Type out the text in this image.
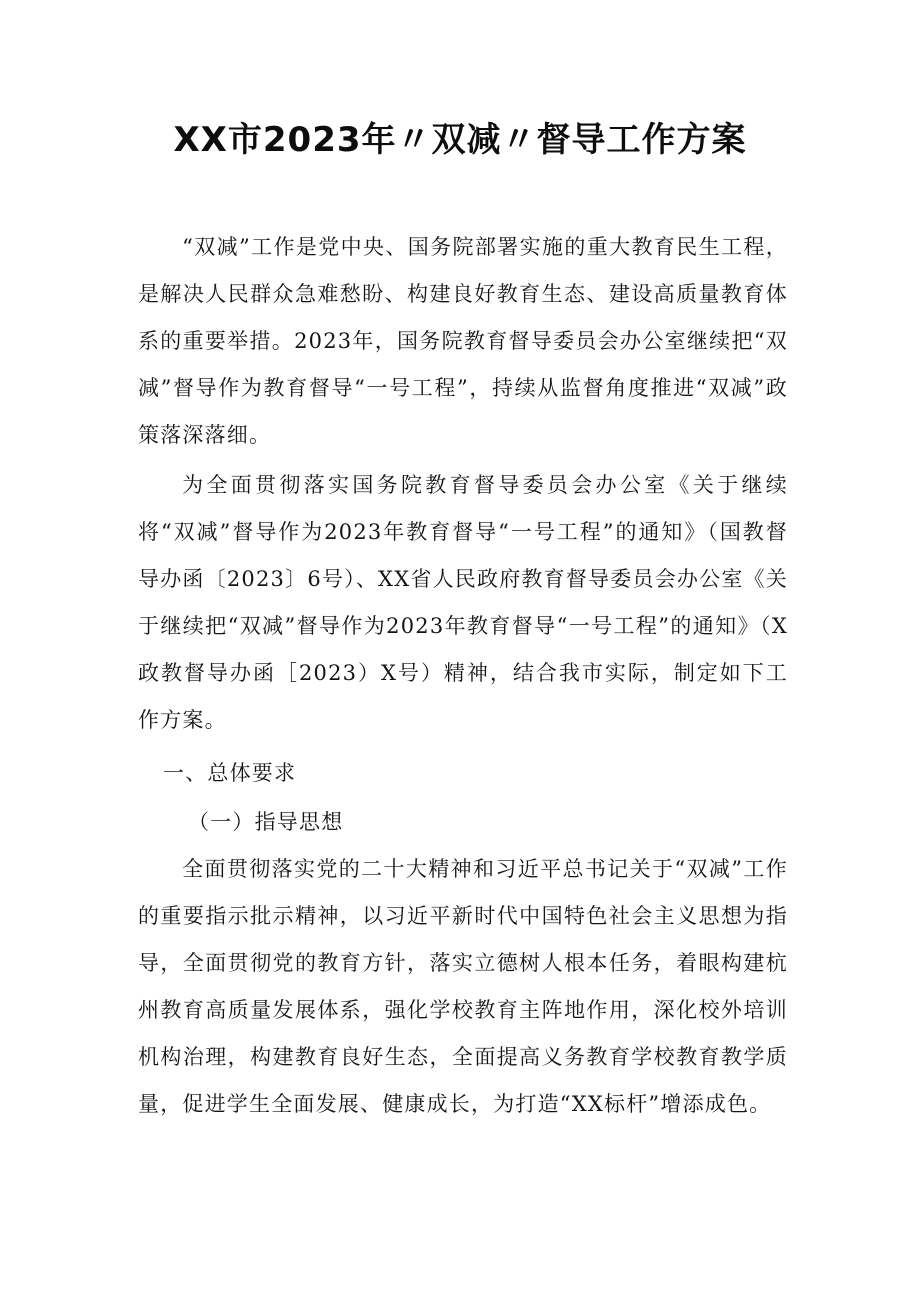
XX市2023年〃双减〃督导工作方案

“双减”工作是党中央、国务院部署实施的重大教育民生工程，是解决人民群众急难愁盼、构建良好教育生态、建设高质量教育体系的重要举措。2023年，国务院教育督导委员会办公室继续把“双减”督导作为教育督导“一号工程”，持续从监督角度推进“双减”政策落深落细。

为全面贯彻落实国务院教育督导委员会办公室《关于继续将“双减”督导作为2023年教育督导“一号工程”的通知》（国教督导办函〔2023〕6号）、XX省人民政府教育督导委员会办公室《关于继续把“双减”督导作为2023年教育督导“一号工程”的通知》（X政教督导办函［2023）X号）精神，结合我市实际，制定如下工作方案。

一、总体要求
（一）指导思想

全面贯彻落实党的二十大精神和习近平总书记关于“双减”工作的重要指示批示精神，以习近平新时代中国特色社会主义思想为指导，全面贯彻党的教育方针，落实立德树人根本任务，着眼构建杭州教育高质量发展体系，强化学校教育主阵地作用，深化校外培训机构治理，构建教育良好生态，全面提高义务教育学校教育教学质量，促进学生全面发展、健康成长，为打造“XX标杆”增添成色。
